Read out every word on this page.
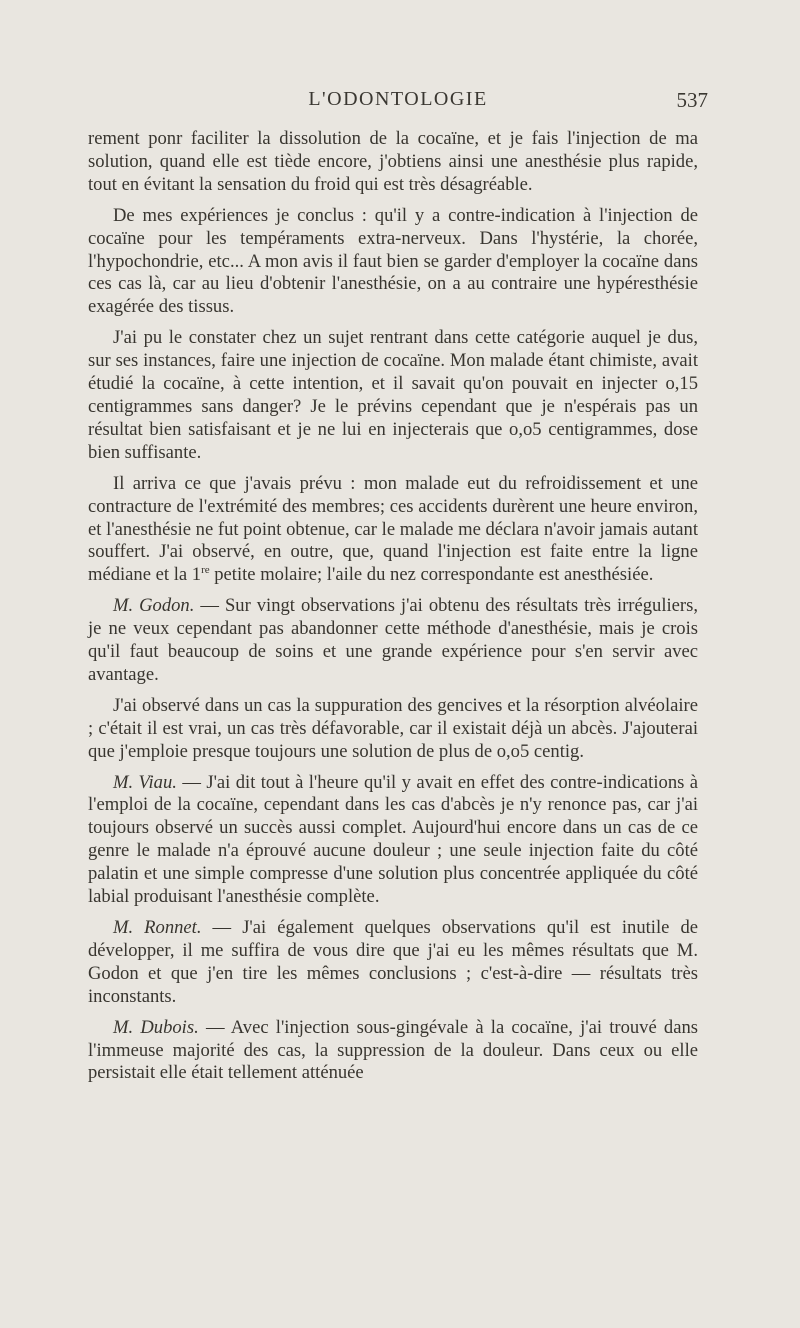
L'ODONTOLOGIE	537

rement ponr faciliter la dissolution de la cocaïne, et je fais l'injection de ma solution, quand elle est tiède encore, j'obtiens ainsi une anesthésie plus rapide, tout en évitant la sensation du froid qui est très désagréable.

De mes expériences je conclus : qu'il y a contre-indication à l'injection de cocaïne pour les tempéraments extra-nerveux. Dans l'hystérie, la chorée, l'hypochondrie, etc... A mon avis il faut bien se garder d'employer la cocaïne dans ces cas là, car au lieu d'obtenir l'anesthésie, on a au contraire une hypéresthésie exagérée des tissus.

J'ai pu le constater chez un sujet rentrant dans cette catégorie auquel je dus, sur ses instances, faire une injection de cocaïne. Mon malade étant chimiste, avait étudié la cocaïne, à cette intention, et il savait qu'on pouvait en injecter o,15 centigrammes sans danger? Je le prévins cependant que je n'espérais pas un résultat bien satisfaisant et je ne lui en injecterais que o,o5 centigrammes, dose bien suffisante.

Il arriva ce que j'avais prévu : mon malade eut du refroidissement et une contracture de l'extrémité des membres; ces accidents durèrent une heure environ, et l'anesthésie ne fut point obtenue, car le malade me déclara n'avoir jamais autant souffert. J'ai observé, en outre, que, quand l'injection est faite entre la ligne médiane et la 1re petite molaire; l'aile du nez correspondante est anesthésiée.

M. Godon. — Sur vingt observations j'ai obtenu des résultats très irréguliers, je ne veux cependant pas abandonner cette méthode d'anesthésie, mais je crois qu'il faut beaucoup de soins et une grande expérience pour s'en servir avec avantage.

J'ai observé dans un cas la suppuration des gencives et la résorption alvéolaire ; c'était il est vrai, un cas très défavorable, car il existait déjà un abcès. J'ajouterai que j'emploie presque toujours une solution de plus de o,o5 centig.

M. Viau. — J'ai dit tout à l'heure qu'il y avait en effet des contre-indications à l'emploi de la cocaïne, cependant dans les cas d'abcès je n'y renonce pas, car j'ai toujours observé un succès aussi complet. Aujourd'hui encore dans un cas de ce genre le malade n'a éprouvé aucune douleur ; une seule injection faite du côté palatin et une simple compresse d'une solution plus concentrée appliquée du côté labial produisant l'anesthésie complète.

M. Ronnet. — J'ai également quelques observations qu'il est inutile de développer, il me suffira de vous dire que j'ai eu les mêmes résultats que M. Godon et que j'en tire les mêmes conclusions ; c'est-à-dire — résultats très inconstants.

M. Dubois. — Avec l'injection sous-gingévale à la cocaïne, j'ai trouvé dans l'immeuse majorité des cas, la suppression de la douleur. Dans ceux ou elle persistait elle était tellement atténuée
